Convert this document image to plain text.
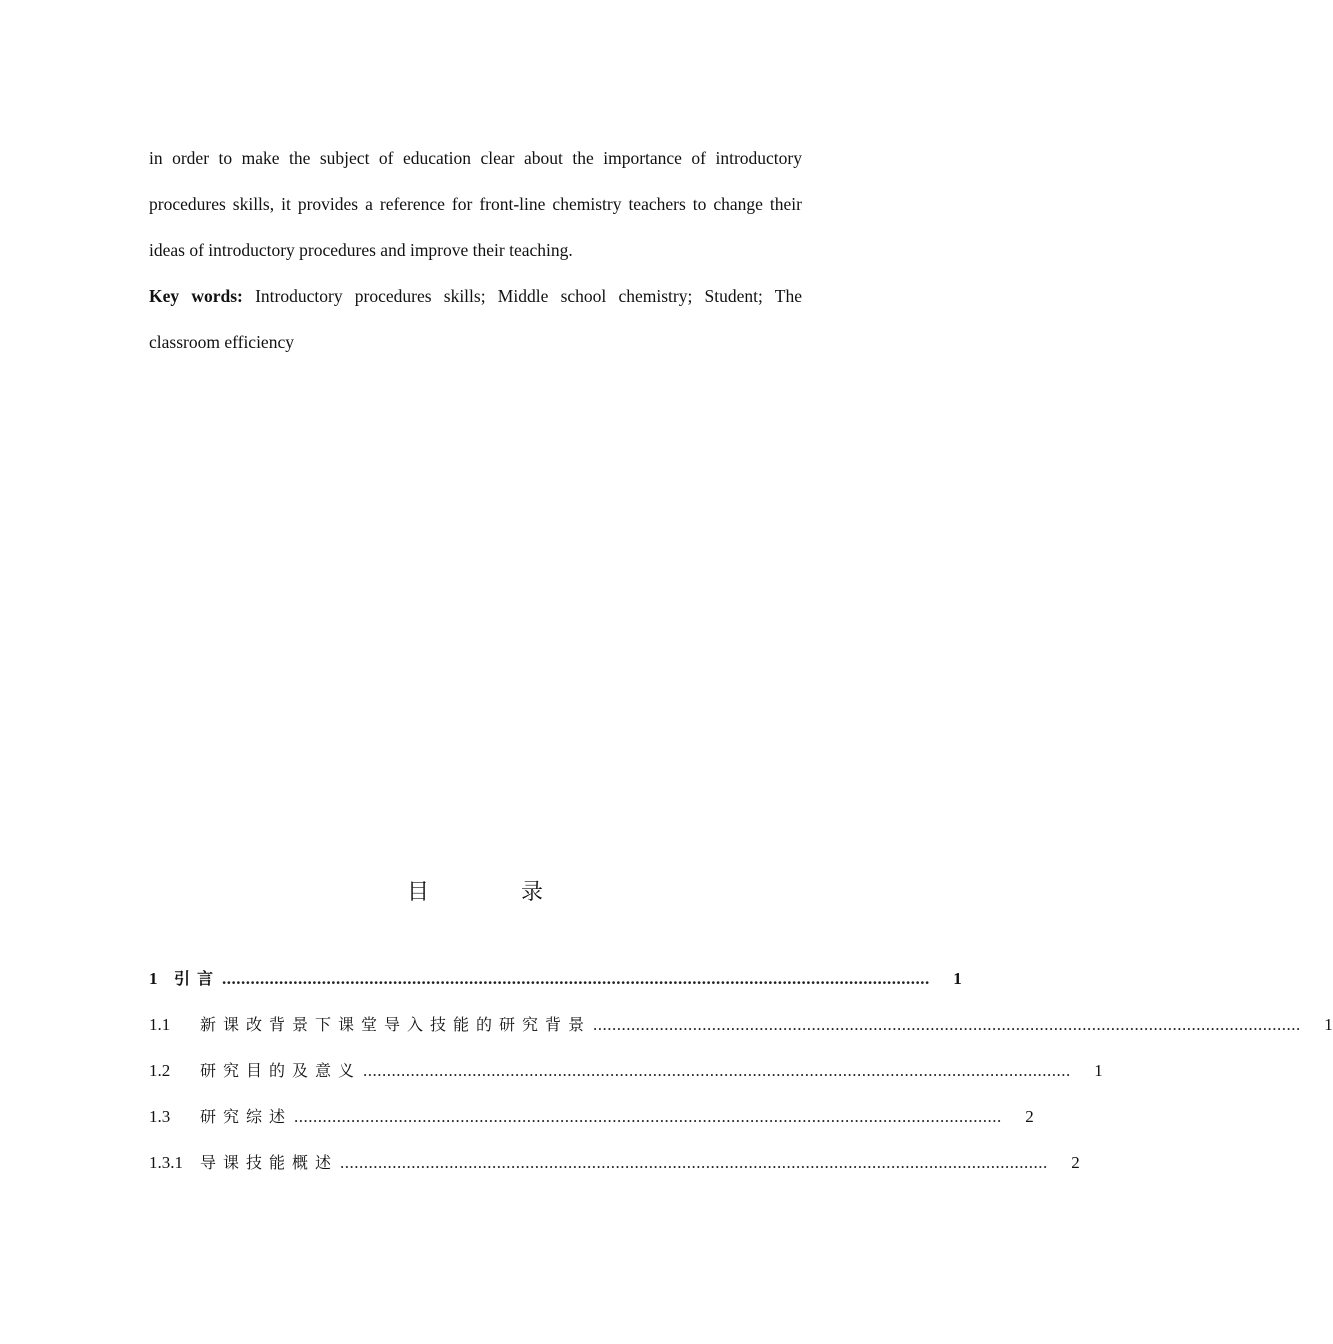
in order to make the subject of education clear about the importance of introductory procedures skills, it provides a reference for front-line chemistry teachers to change their ideas of introductory procedures and improve their teaching.

Key words: Introductory procedures skills; Middle school chemistry; Student; The classroom efficiency

目	录
1	引言 .....................................................................................................................................................	1
1.1	新课改背景下课堂导入技能的研究背景 .....................................................................................................................................................	1
1.2	研究目的及意义 .....................................................................................................................................................	1
1.3	研究综述 .....................................................................................................................................................	2
1.3.1	导课技能概述 .....................................................................................................................................................	2
